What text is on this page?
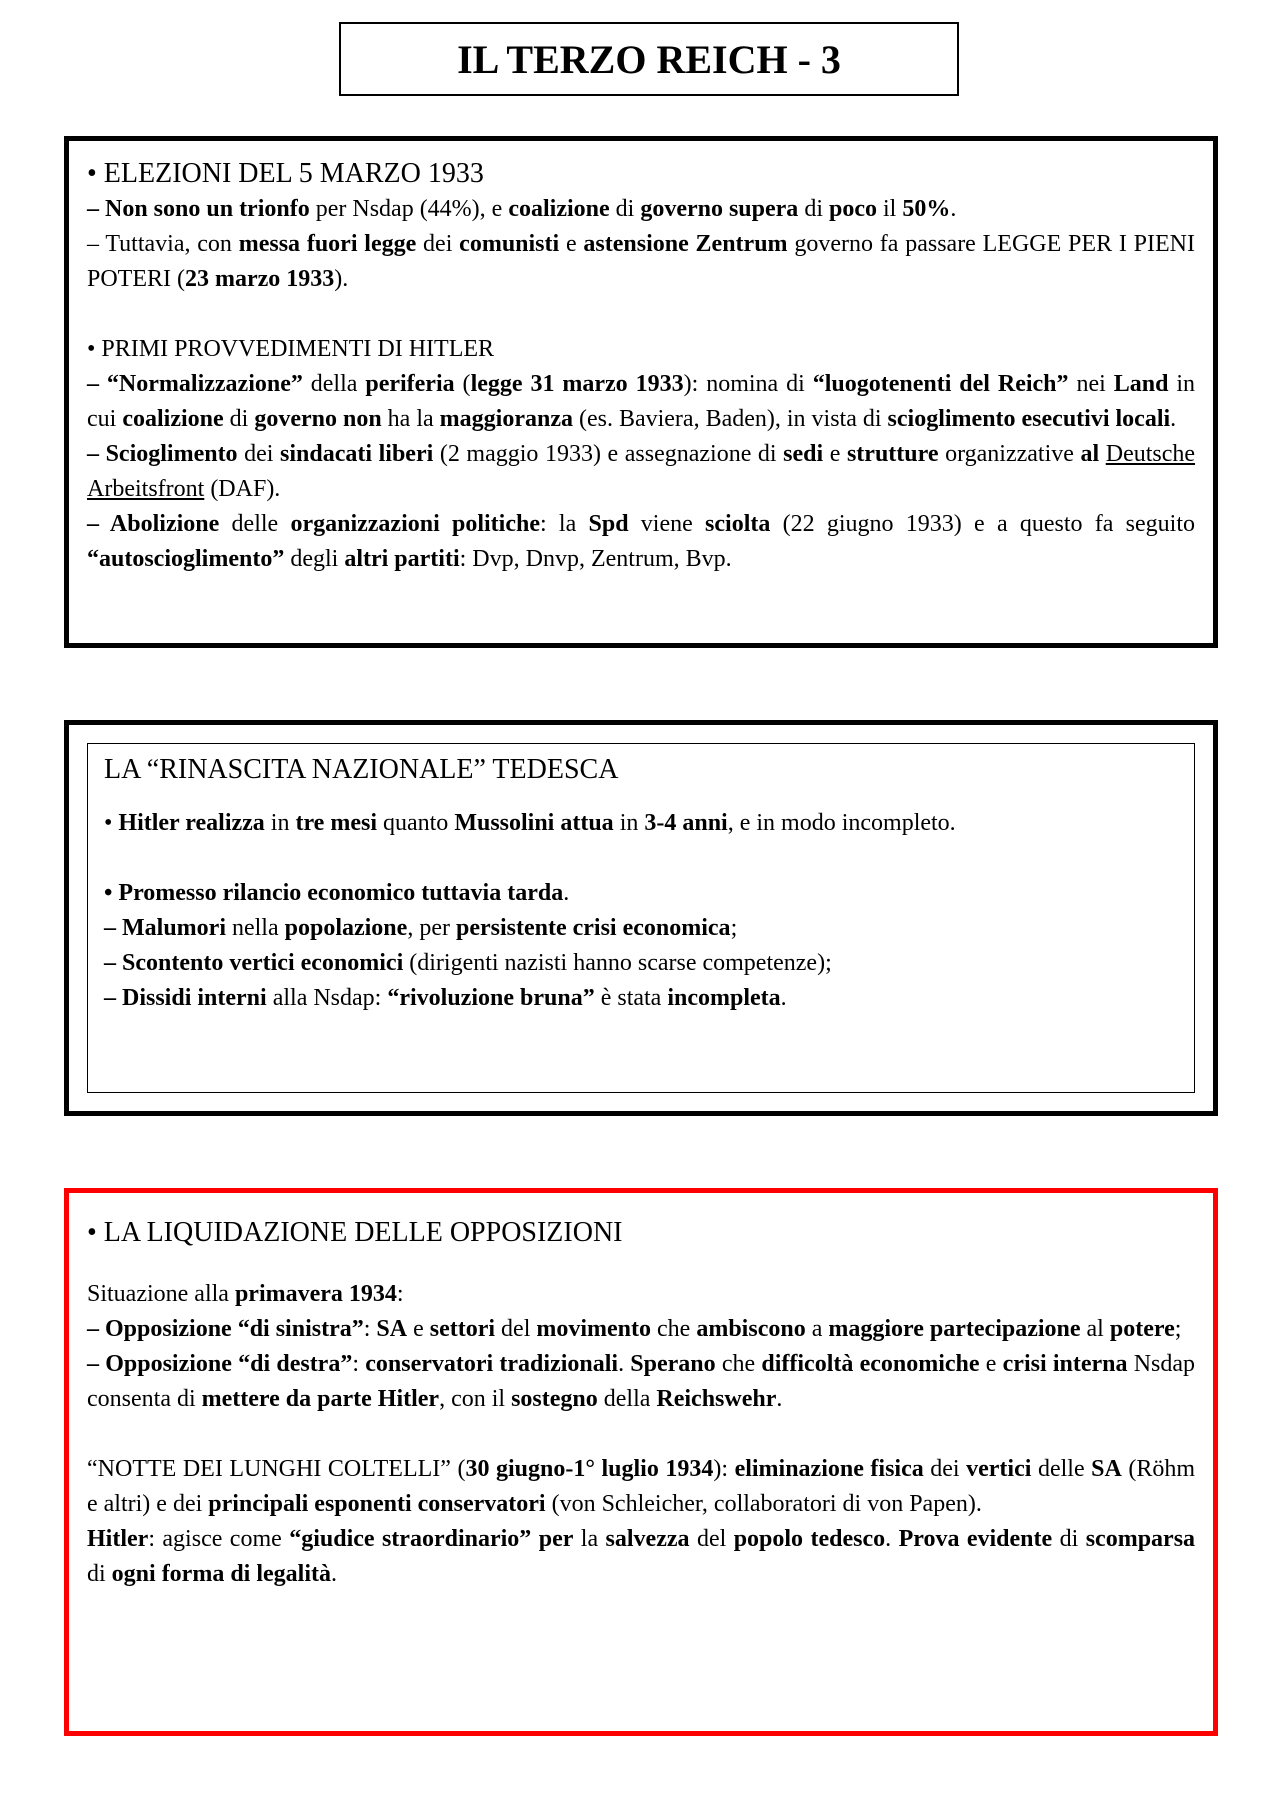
IL TERZO REICH - 3
• ELEZIONI DEL 5 MARZO 1933
– Non sono un trionfo per Nsdap (44%), e coalizione di governo supera di poco il 50%.
– Tuttavia, con messa fuori legge dei comunisti e astensione Zentrum governo fa passare LEGGE PER I PIENI POTERI (23 marzo 1933).
• PRIMI PROVVEDIMENTI DI HITLER
– “Normalizzazione” della periferia (legge 31 marzo 1933): nomina di “luogotenenti del Reich” nei Land in cui coalizione di governo non ha la maggioranza (es. Baviera, Baden), in vista di scioglimento esecutivi locali.
– Scioglimento dei sindacati liberi (2 maggio 1933) e assegnazione di sedi e strutture organizzative al Deutsche Arbeitsfront (DAF).
– Abolizione delle organizzazioni politiche: la Spd viene sciolta (22 giugno 1933) e a questo fa seguito “autoscioglimento” degli altri partiti: Dvp, Dnvp, Zentrum, Bvp.
LA “RINASCITA NAZIONALE” TEDESCA
• Hitler realizza in tre mesi quanto Mussolini attua in 3-4 anni, e in modo incompleto.
• Promesso rilancio economico tuttavia tarda.
– Malumori nella popolazione, per persistente crisi economica;
– Scontento vertici economici (dirigenti nazisti hanno scarse competenze);
– Dissidi interni alla Nsdap: “rivoluzione bruna” è stata incompleta.
• LA LIQUIDAZIONE DELLE OPPOSIZIONI
Situazione alla primavera 1934:
– Opposizione “di sinistra”: SA e settori del movimento che ambiscono a maggiore partecipazione al potere;
– Opposizione “di destra”: conservatori tradizionali. Sperano che difficoltà economiche e crisi interna Nsdap consenta di mettere da parte Hitler, con il sostegno della Reichswehr.
“NOTTE DEI LUNGHI COLTELLI” (30 giugno-1° luglio 1934): eliminazione fisica dei vertici delle SA (Röhm e altri) e dei principali esponenti conservatori (von Schleicher, collaboratori di von Papen).
Hitler: agisce come “giudice straordinario” per la salvezza del popolo tedesco. Prova evidente di scomparsa di ogni forma di legalità.
